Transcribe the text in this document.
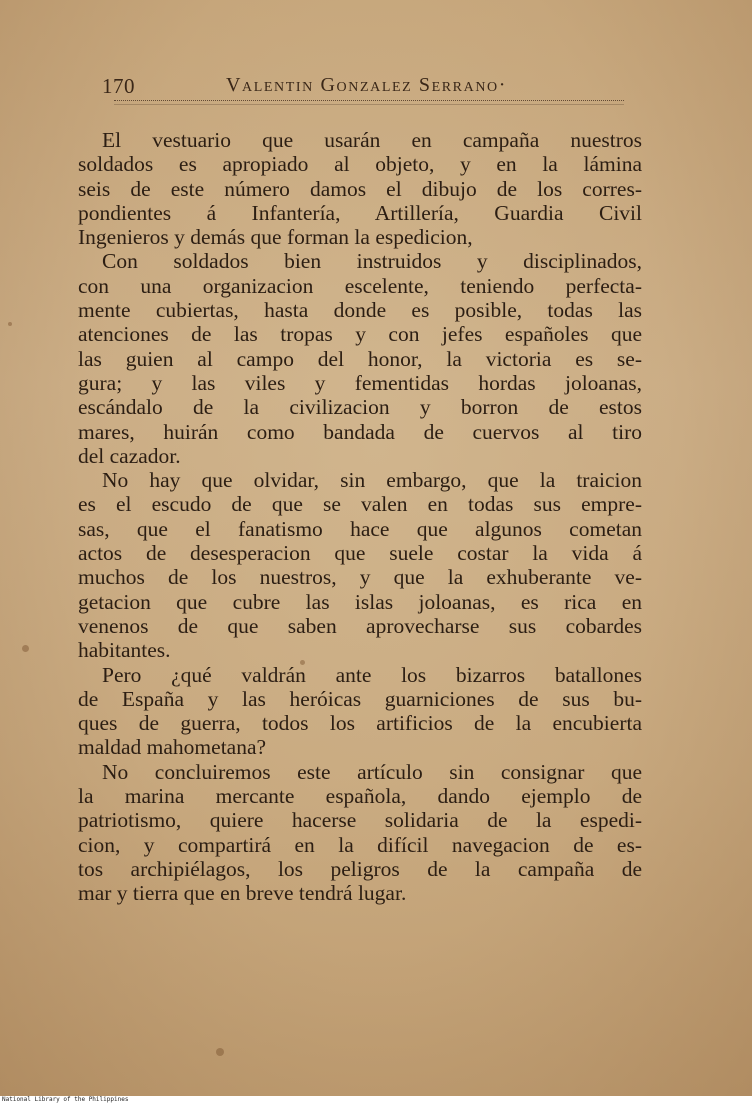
170	Valentin Gonzalez Serrano·

El vestuario que usarán en campaña nuestros
soldados es apropiado al objeto, y en la lámina
seis de este número damos el dibujo de los corres-
pondientes á Infantería, Artillería, Guardia Civil
Ingenieros y demás que forman la espedicion,

Con soldados bien instruidos y disciplinados,
con una organizacion escelente, teniendo perfecta-
mente cubiertas, hasta donde es posible, todas las
atenciones de las tropas y con jefes españoles que
las guien al campo del honor, la victoria es se-
gura; y las viles y fementidas hordas joloanas,
escándalo de la civilizacion y borron de estos
mares, huirán como bandada de cuervos al tiro
del cazador.

No hay que olvidar, sin embargo, que la traicion
es el escudo de que se valen en todas sus empre-
sas, que el fanatismo hace que algunos cometan
actos de desesperacion que suele costar la vida á
muchos de los nuestros, y que la exhuberante ve-
getacion que cubre las islas joloanas, es rica en
venenos de que saben aprovecharse sus cobardes
habitantes.

Pero ¿qué valdrán ante los bizarros batallones
de España y las heróicas guarniciones de sus bu-
ques de guerra, todos los artificios de la encubierta
maldad mahometana?

No concluiremos este artículo sin consignar que
la marina mercante española, dando ejemplo de
patriotismo, quiere hacerse solidaria de la espedi-
cion, y compartirá en la difícil navegacion de es-
tos archipiélagos, los peligros de la campaña de
mar y tierra que en breve tendrá lugar.

National Library of the Philippines
